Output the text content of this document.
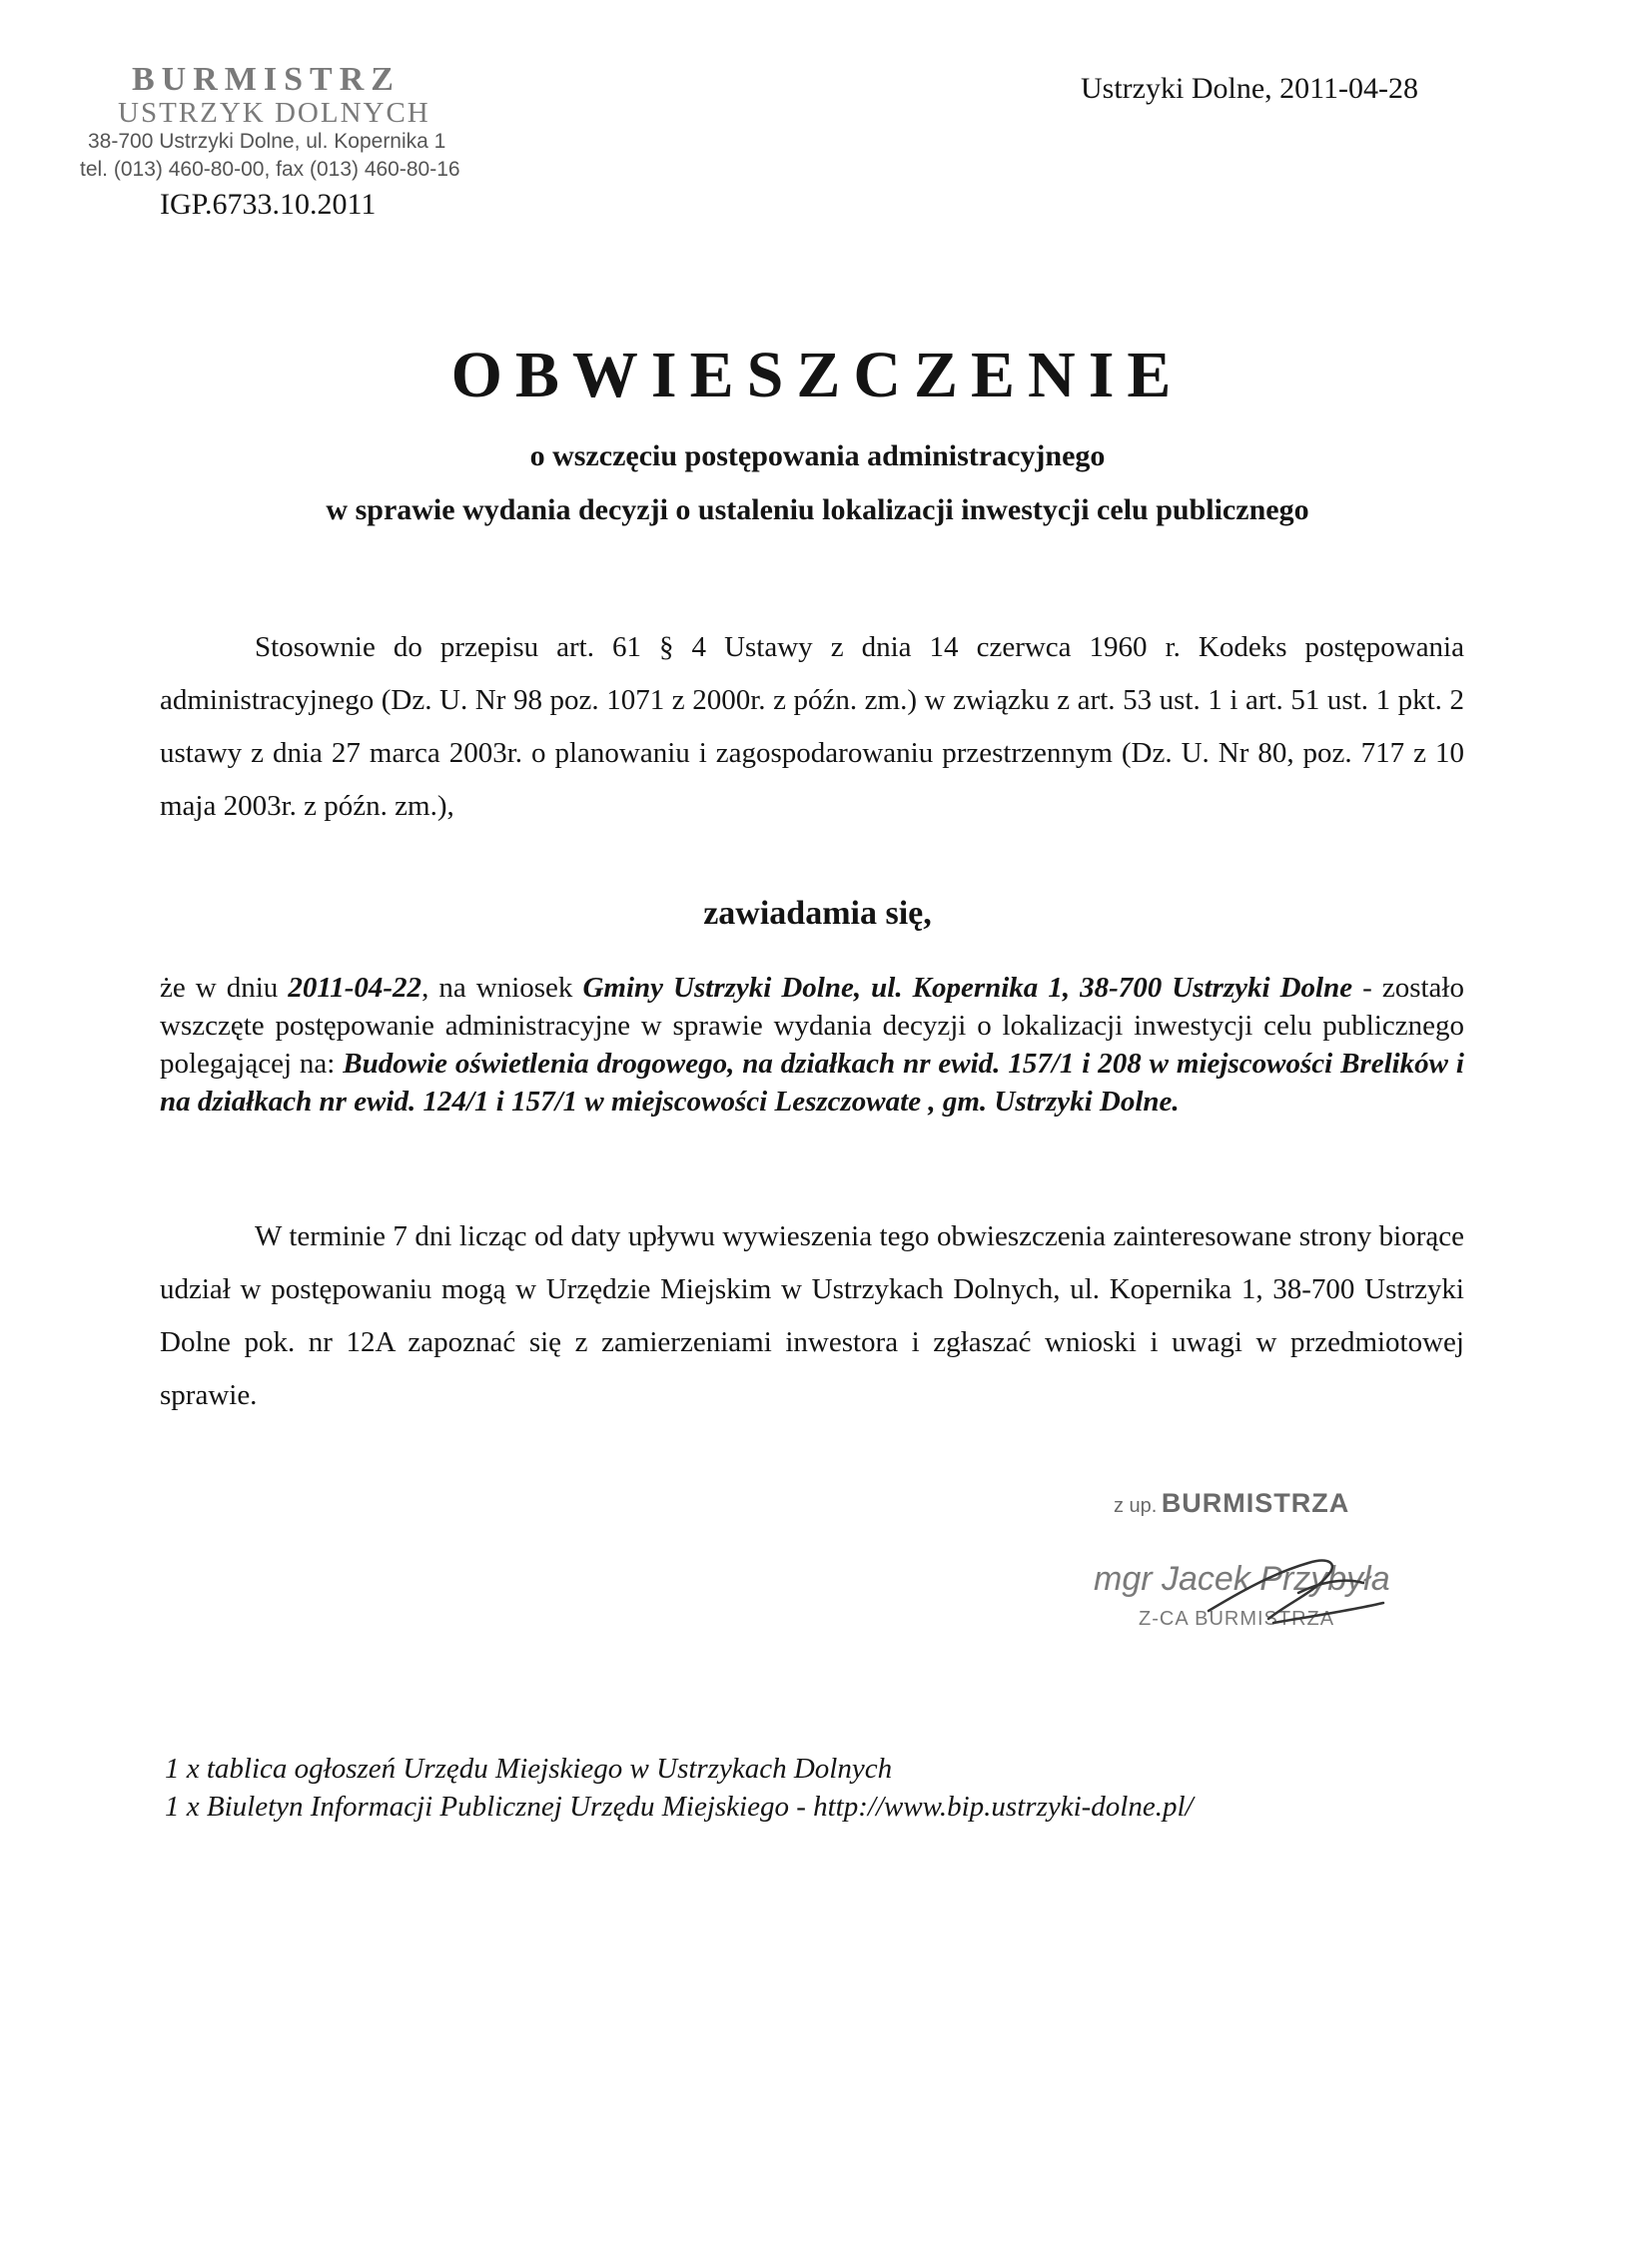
BURMISTRZ
USTRZYK DOLNYCH
38-700 Ustrzyki Dolne, ul. Kopernika 1
tel. (013) 460-80-00, fax (013) 460-80-16
IGP.6733.10.2011
Ustrzyki Dolne, 2011-04-28
OBWIESZCZENIE
o wszczęciu postępowania administracyjnego
w sprawie wydania decyzji o ustaleniu lokalizacji inwestycji celu publicznego
Stosownie do przepisu art. 61 § 4 Ustawy z dnia 14 czerwca 1960 r. Kodeks postępowania administracyjnego (Dz. U. Nr 98 poz. 1071 z 2000r. z późn. zm.) w związku z art. 53 ust. 1 i art. 51 ust. 1 pkt. 2 ustawy z dnia 27 marca 2003r. o planowaniu i zagospodarowaniu przestrzennym (Dz. U. Nr 80, poz. 717 z 10 maja 2003r. z późn. zm.),
zawiadamia się,
że w dniu 2011-04-22, na wniosek Gminy Ustrzyki Dolne, ul. Kopernika 1, 38-700 Ustrzyki Dolne - zostało wszczęte postępowanie administracyjne w sprawie wydania decyzji o lokalizacji inwestycji celu publicznego polegającej na: Budowie oświetlenia drogowego, na działkach nr ewid. 157/1 i 208 w miejscowości Brelików i na działkach nr ewid. 124/1 i 157/1 w miejscowości Leszczowate , gm. Ustrzyki Dolne.
W terminie 7 dni licząc od daty upływu wywieszenia tego obwieszczenia zainteresowane strony biorące udział w postępowaniu mogą w Urzędzie Miejskim w Ustrzykach Dolnych, ul. Kopernika 1, 38-700 Ustrzyki Dolne pok. nr 12A zapoznać się z zamierzeniami inwestora i zgłaszać wnioski i uwagi w przedmiotowej sprawie.
z up. BURMISTRZA
mgr Jacek Przybyła
Z-CA BURMISTRZA
1 x tablica ogłoszeń Urzędu Miejskiego w Ustrzykach Dolnych
1 x Biuletyn Informacji Publicznej Urzędu Miejskiego - http://www.bip.ustrzyki-dolne.pl/
